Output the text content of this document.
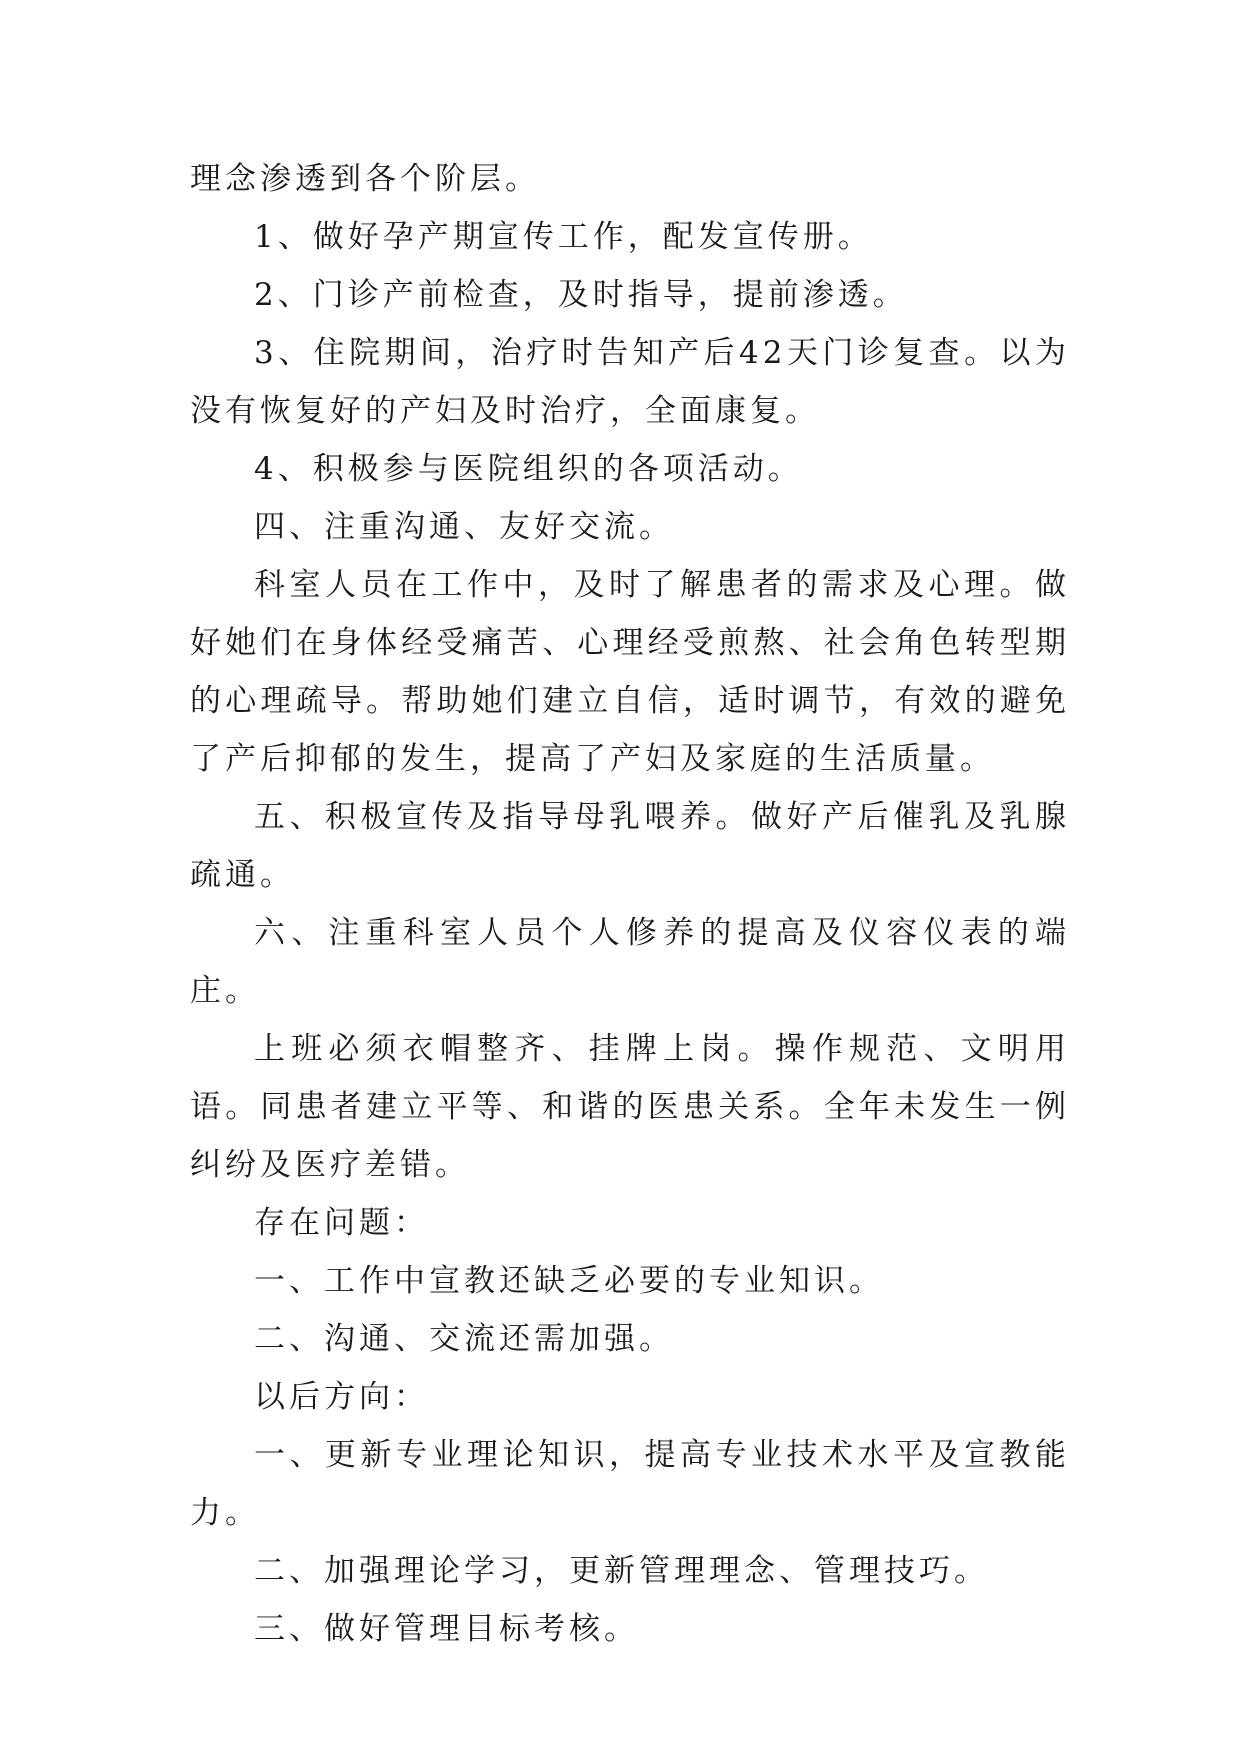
理念渗透到各个阶层。

1、做好孕产期宣传工作，配发宣传册。

2、门诊产前检查，及时指导，提前渗透。

3、住院期间，治疗时告知产后42天门诊复查。以为没有恢复好的产妇及时治疗，全面康复。

4、积极参与医院组织的各项活动。

四、注重沟通、友好交流。

科室人员在工作中，及时了解患者的需求及心理。做好她们在身体经受痛苦、心理经受煎熬、社会角色转型期的心理疏导。帮助她们建立自信，适时调节，有效的避免了产后抑郁的发生，提高了产妇及家庭的生活质量。

五、积极宣传及指导母乳喂养。做好产后催乳及乳腺疏通。

六、注重科室人员个人修养的提高及仪容仪表的端庄。

上班必须衣帽整齐、挂牌上岗。操作规范、文明用语。同患者建立平等、和谐的医患关系。全年未发生一例纠纷及医疗差错。

存在问题：

一、工作中宣教还缺乏必要的专业知识。

二、沟通、交流还需加强。

以后方向：

一、更新专业理论知识，提高专业技术水平及宣教能力。

二、加强理论学习，更新管理理念、管理技巧。

三、做好管理目标考核。
